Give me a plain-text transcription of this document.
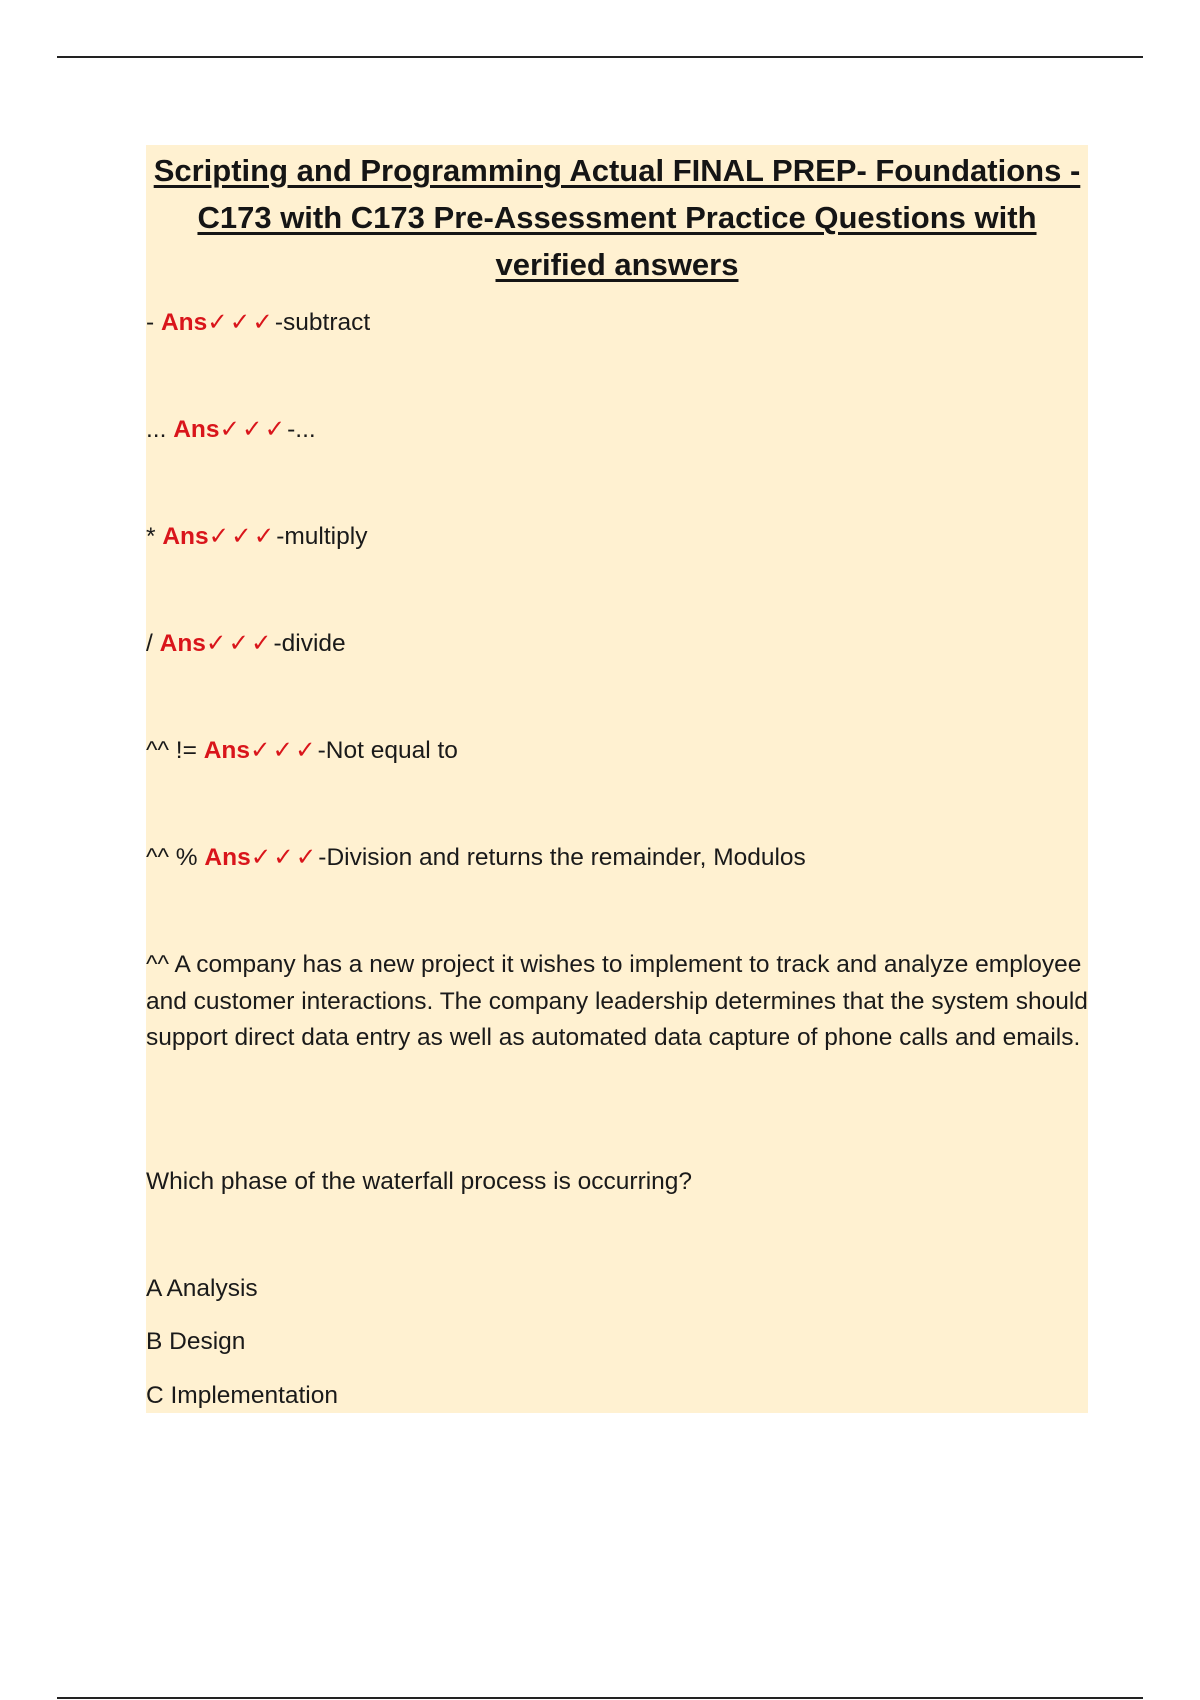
Scripting and Programming Actual FINAL PREP- Foundations - C173 with C173 Pre-Assessment Practice Questions with verified answers
- Ans✓✓✓-subtract
... Ans✓✓✓-...
* Ans✓✓✓-multiply
/ Ans✓✓✓-divide
^^ != Ans✓✓✓-Not equal to
^^ % Ans✓✓✓-Division and returns the remainder, Modulos
^^ A company has a new project it wishes to implement to track and analyze employee and customer interactions. The company leadership determines that the system should support direct data entry as well as automated data capture of phone calls and emails.
Which phase of the waterfall process is occurring?
A Analysis
B Design
C Implementation
